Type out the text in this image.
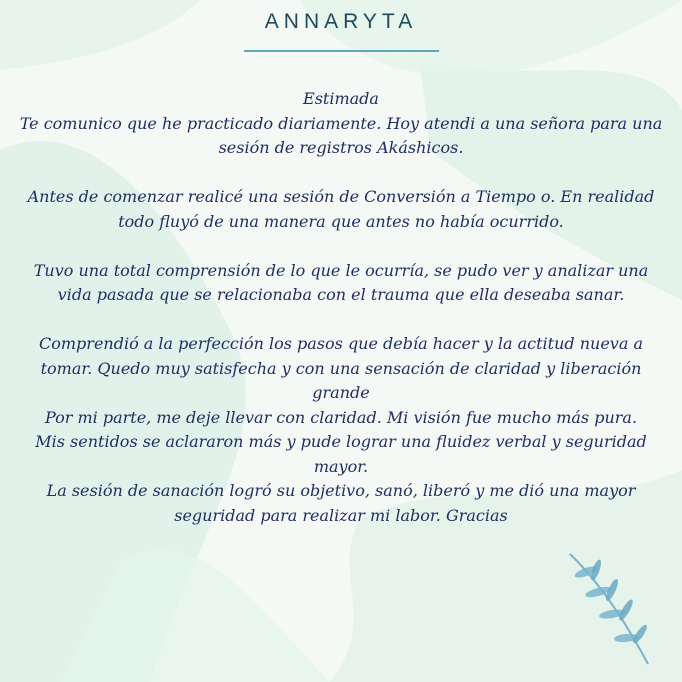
ANNARYTA

Estimada

Te comunico que he practicado diariamente. Hoy atendi a una señora para una sesión de registros Akáshicos.

Antes de comenzar realicé una sesión de Conversión a Tiempo o. En realidad todo fluyó de una manera que antes no había ocurrido.

Tuvo una total comprensión de lo que le ocurría, se pudo ver y analizar una vida pasada que se relacionaba con el trauma que ella deseaba sanar.

Comprendió a la perfección los pasos que debía hacer y la actitud nueva a tomar. Quedo muy satisfecha y con una sensación de claridad y liberación grande

Por mi parte, me deje llevar con claridad. Mi visión fue mucho más pura.

Mis sentidos se aclararon más y pude lograr una fluidez verbal y seguridad mayor.

La sesión de sanación logró su objetivo, sanó, liberó y me dió una mayor seguridad para realizar mi labor. Gracias
